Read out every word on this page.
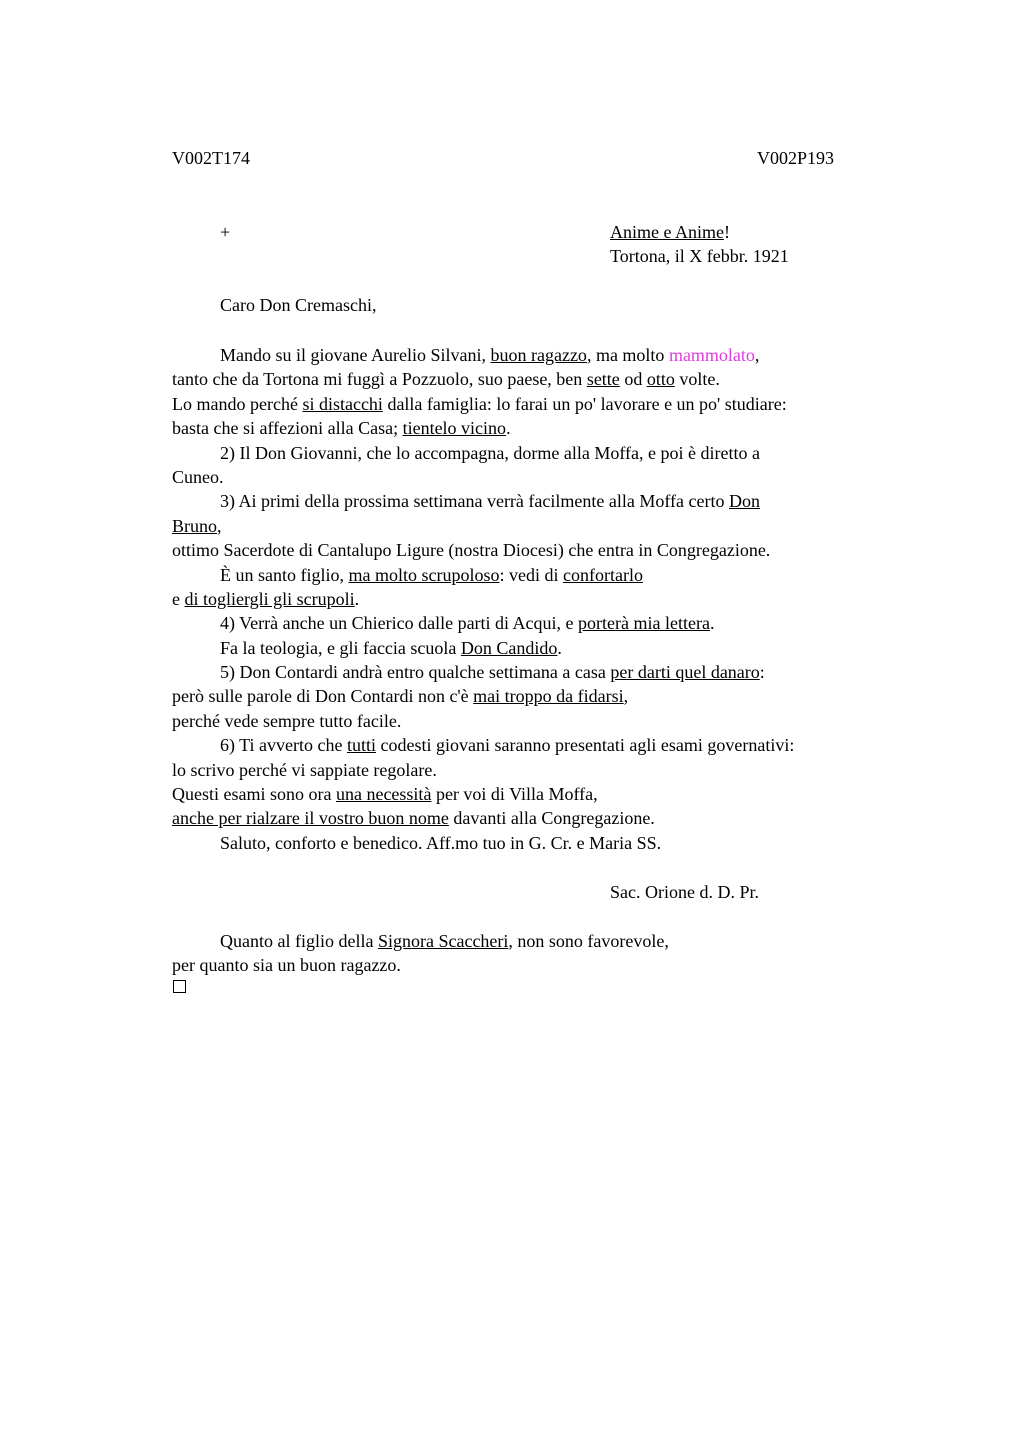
V002T174	V002P193
+	Anime e Anime!
Tortona, il X febbr. 1921
Caro Don Cremaschi,
Mando su il giovane Aurelio Silvani, buon ragazzo, ma molto mammolato,
tanto che da Tortona mi fuggì a Pozzuolo, suo paese, ben sette od otto volte.
Lo mando perché si distacchi dalla famiglia: lo farai un po' lavorare e un po' studiare:
basta che si affezioni alla Casa; tientelo vicino.
2) Il Don Giovanni, che lo accompagna, dorme alla Moffa, e poi è diretto a
Cuneo.
3) Ai primi della prossima settimana verrà facilmente alla Moffa certo Don
Bruno,
ottimo Sacerdote di Cantalupo Ligure (nostra Diocesi) che entra in Congregazione.
È un santo figlio, ma molto scrupoloso: vedi di confortarlo
e di togliergli gli scrupoli.
4) Verrà anche un Chierico dalle parti di Acqui, e porterà mia lettera.
Fa la teologia, e gli faccia scuola Don Candido.
5) Don Contardi andrà entro qualche settimana a casa per darti quel danaro:
però sulle parole di Don Contardi non c'è mai troppo da fidarsi,
perché vede sempre tutto facile.
6) Ti avverto che tutti codesti giovani saranno presentati agli esami governativi:
lo scrivo perché vi sappiate regolare.
Questi esami sono ora una necessità per voi di Villa Moffa,
anche per rialzare il vostro buon nome davanti alla Congregazione.
Saluto, conforto e benedico. Aff.mo tuo in G. Cr. e Maria SS.
Sac. Orione d. D. Pr.
Quanto al figlio della Signora Scaccheri, non sono favorevole,
per quanto sia un buon ragazzo.
